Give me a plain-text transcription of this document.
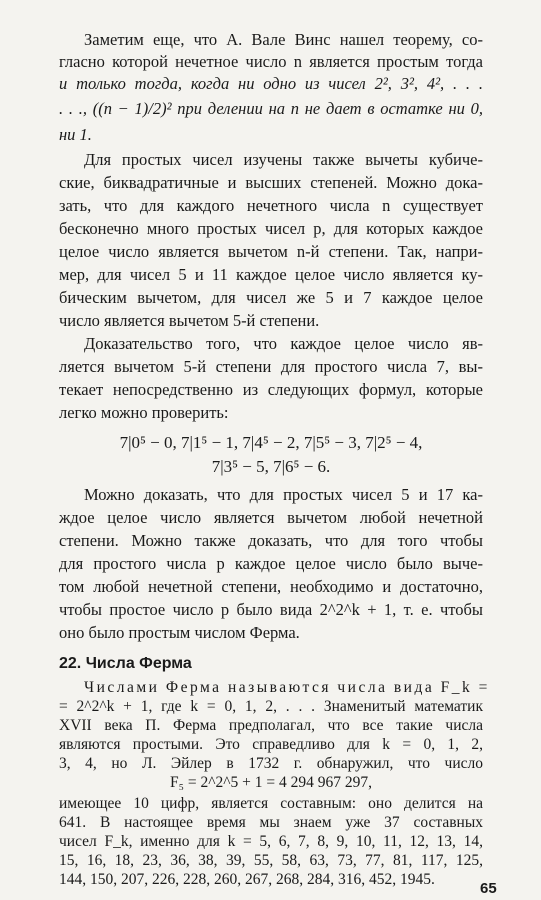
Заметим еще, что А. Вале Винс нашел теорему, со-
гласно которой нечетное число n является простым тогда
и только тогда, когда ни одно из чисел 2², 3², 4², . . .
. . ., ((n − 1)/2)² при делении на n не дает в остатке ни 0,
ни 1.
Для простых чисел изучены также вычеты кубиче-
ские, биквадратичные и высших степеней. Можно дока-
зать, что для каждого нечетного числа n существует
бесконечно много простых чисел p, для которых каждое
целое число является вычетом n-й степени. Так, напри-
мер, для чисел 5 и 11 каждое целое число является ку-
бическим вычетом, для чисел же 5 и 7 каждое целое
число является вычетом 5-й степени.
Доказательство того, что каждое целое число яв-
ляется вычетом 5-й степени для простого числа 7, вы-
текает непосредственно из следующих формул, которые
легко можно проверить:
7|0⁵ − 0, 7|1⁵ − 1, 7|4⁵ − 2, 7|5⁵ − 3, 7|2⁵ − 4,
7|3⁵ − 5, 7|6⁵ − 6.
Можно доказать, что для простых чисел 5 и 17 ка-
ждое целое число является вычетом любой нечетной
степени. Можно также доказать, что для того чтобы
для простого числа p каждое целое число было выче-
том любой нечетной степени, необходимо и достаточно,
чтобы простое число p было вида 2^2^k + 1, т. е. чтобы
оно было простым числом Ферма.
22. Числа Ферма
Числами Ферма называются числа вида F_k =
= 2^2^k + 1, где k = 0, 1, 2, . . . Знаменитый математик
XVII века П. Ферма предполагал, что все такие числа
являются простыми. Это справедливо для k = 0, 1, 2,
3, 4, но Л. Эйлер в 1732 г. обнаружил, что число
F₅ = 2^2^5 + 1 = 4 294 967 297,
имеющее 10 цифр, является составным: оно делится на
641. В настоящее время мы знаем уже 37 составных
чисел F_k, именно для k = 5, 6, 7, 8, 9, 10, 11, 12, 13, 14,
15, 16, 18, 23, 36, 38, 39, 55, 58, 63, 73, 77, 81, 117, 125,
144, 150, 207, 226, 228, 260, 267, 268, 284, 316, 452, 1945.
65
